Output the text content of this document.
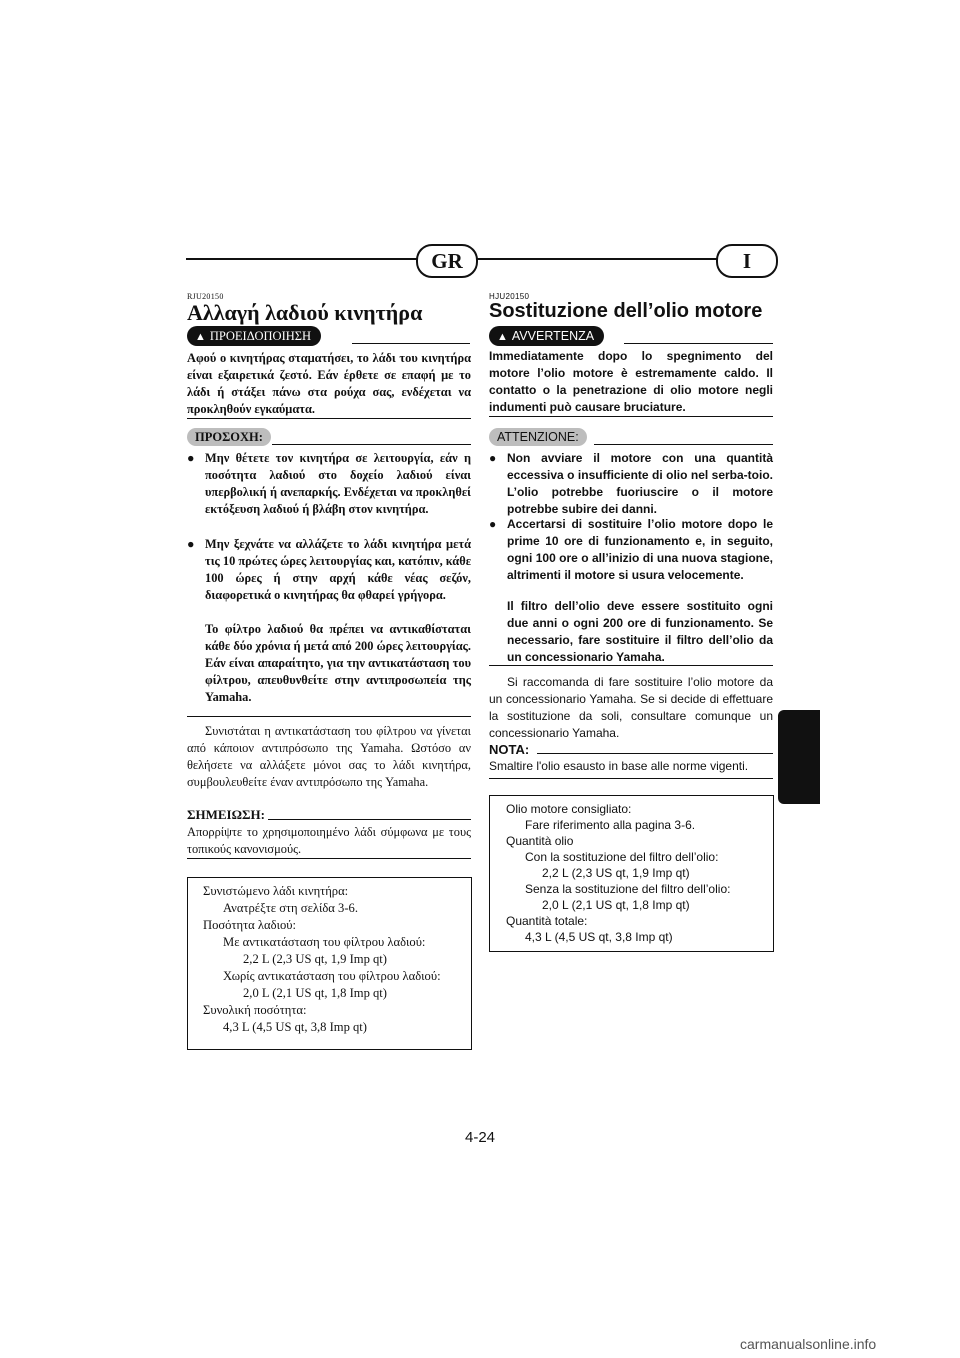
GR	I
RJU20150
Αλλαγή λαδιού κινητήρα
▲ ΠΡΟΕΙΔΟΠΟΙΗΣΗ
Αφού ο κινητήρας σταματήσει, το λάδι του κινητήρα είναι εξαιρετικά ζεστό. Εάν έρθετε σε επαφή με το λάδι ή στάξει πάνω στα ρούχα σας, ενδέχεται να προκληθούν εγκαύματα.
ΠΡΟΣΟΧΗ:
● Μην θέτετε τον κινητήρα σε λειτουργία, εάν η ποσότητα λαδιού στο δοχείο λαδιού είναι υπερβολική ή ανεπαρκής. Ενδέχεται να προκληθεί εκτόξευση λαδιού ή βλάβη στον κινητήρα.
● Μην ξεχνάτε να αλλάζετε το λάδι κινητήρα μετά τις 10 πρώτες ώρες λειτουργίας και, κατόπιν, κάθε 100 ώρες ή στην αρχή κάθε νέας σεζόν, διαφορετικά ο κινητήρας θα φθαρεί γρήγορα.
Το φίλτρο λαδιού θα πρέπει να αντικαθίσταται κάθε δύο χρόνια ή μετά από 200 ώρες λειτουργίας. Εάν είναι απαραίτητο, για την αντικατάσταση του φίλτρου, απευθυνθείτε στην αντιπροσωπεία της Yamaha.
Συνιστάται η αντικατάσταση του φίλτρου να γίνεται από κάποιον αντιπρόσωπο της Yamaha. Ωστόσο αν θελήσετε να αλλάξετε μόνοι σας το λάδι κινητήρα, συμβουλευθείτε έναν αντιπρόσωπο της Yamaha.
ΣΗΜΕΙΩΣΗ:
Απορρίψτε το χρησιμοποιημένο λάδι σύμφωνα με τους τοπικούς κανονισμούς.
Συνιστώμενο λάδι κινητήρα:
Ανατρέξτε στη σελίδα 3-6.
Ποσότητα λαδιού:
Με αντικατάσταση του φίλτρου λαδιού:
2,2 L (2,3 US qt, 1,9 Imp qt)
Χωρίς αντικατάσταση του φίλτρου λαδιού:
2,0 L (2,1 US qt, 1,8 Imp qt)
Συνολική ποσότητα:
4,3 L (4,5 US qt, 3,8 Imp qt)
HJU20150
Sostituzione dell’olio motore
▲ AVVERTENZA
Immediatamente dopo lo spegnimento del motore l’olio motore è estremamente caldo. Il contatto o la penetrazione di olio motore negli indumenti può causare bruciature.
ATTENZIONE:
● Non avviare il motore con una quantità eccessiva o insufficiente di olio nel serba-toio. L’olio potrebbe fuoriuscire o il motore potrebbe subire dei danni.
● Accertarsi di sostituire l’olio motore dopo le prime 10 ore di funzionamento e, in seguito, ogni 100 ore o all’inizio di una nuova stagione, altrimenti il motore si usura velocemente.
Il filtro dell’olio deve essere sostituito ogni due anni o ogni 200 ore di funzionamento. Se necessario, fare sostituire il filtro dell’olio da un concessionario Yamaha.
Si raccomanda di fare sostituire l’olio motore da un concessionario Yamaha. Se si decide di effettuare la sostituzione da soli, consultare comunque un concessionario Yamaha.
NOTA:
Smaltire l'olio esausto in base alle norme vigenti.
Olio motore consigliato:
Fare riferimento alla pagina 3-6.
Quantità olio
Con la sostituzione del filtro dell’olio:
2,2 L (2,3 US qt, 1,9 Imp qt)
Senza la sostituzione del filtro dell’olio:
2,0 L (2,1 US qt, 1,8 Imp qt)
Quantità totale:
4,3 L (4,5 US qt, 3,8 Imp qt)
4-24
carmanualsonline.info
